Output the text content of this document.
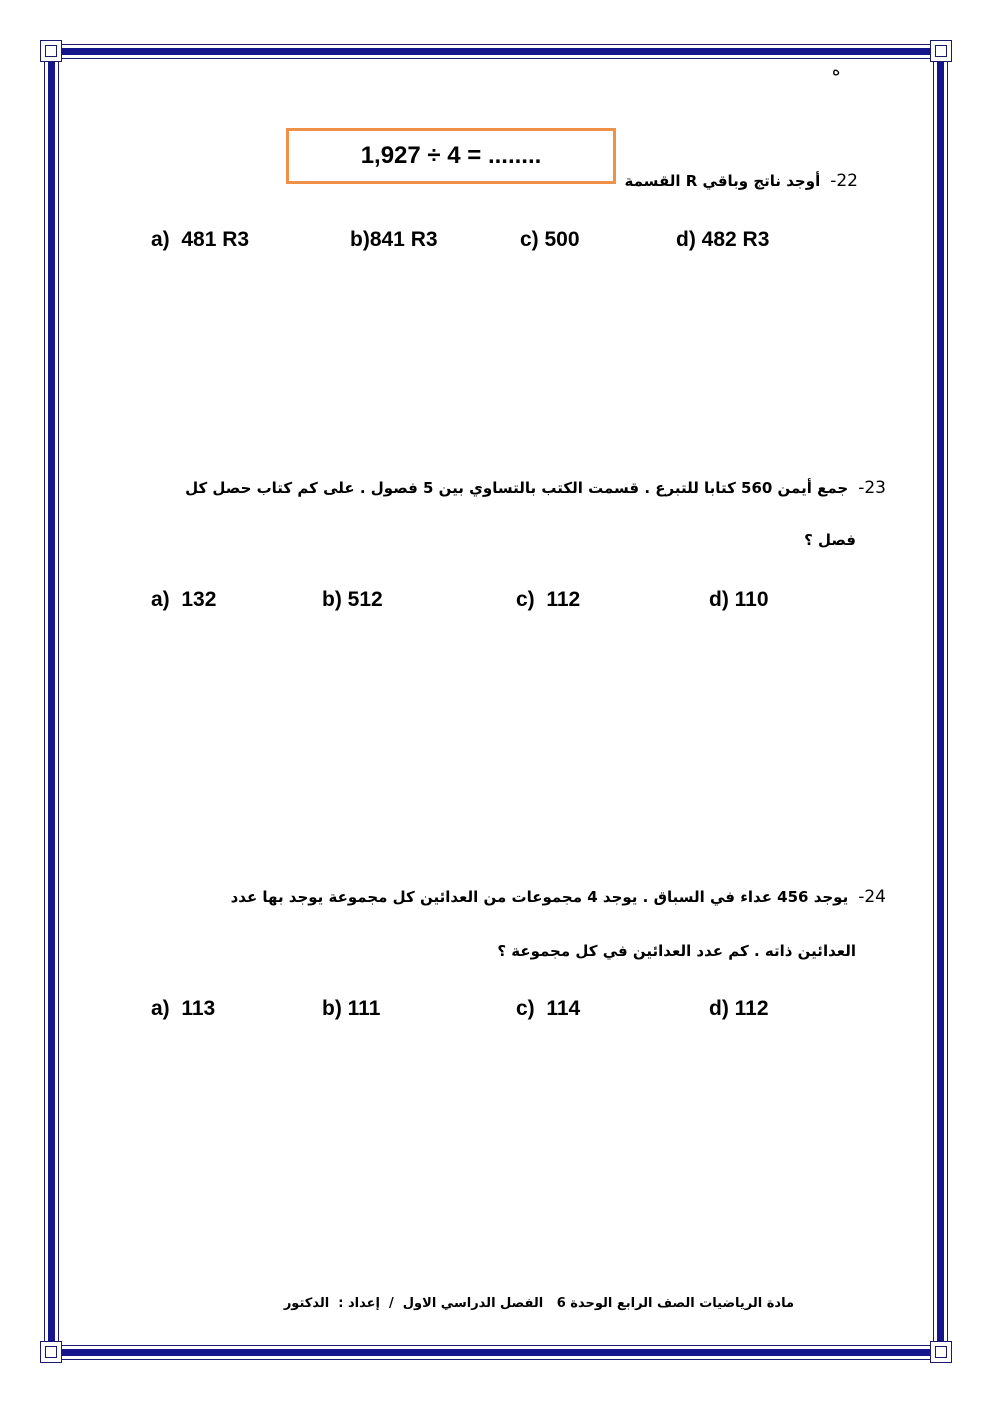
ه
1,927 ÷ 4 = ........
22-أوجد ناتج وباقي R القسمة
a)  481 R3	b)841 R3	c) 500	d) 482 R3
23-جمع أيمن 560 كتابا للتبرع . قسمت الكتب بالتساوي بين 5 فصول . على كم كتاب حصل كل
فصل ؟
a)  132	b) 512	c)  112	d) 110
24-يوجد 456 عداء في السباق . يوجد 4 مجموعات من العدائين كل مجموعة يوجد بها عدد
العدائين ذاته . كم عدد العدائين في كل مجموعة ؟
a)  113	b) 111	c)  114	d) 112
مادة الرياضيات الصف الرابع الوحدة 6   الفصل الدراسي الاول  /  إعداد :  الدكتور
